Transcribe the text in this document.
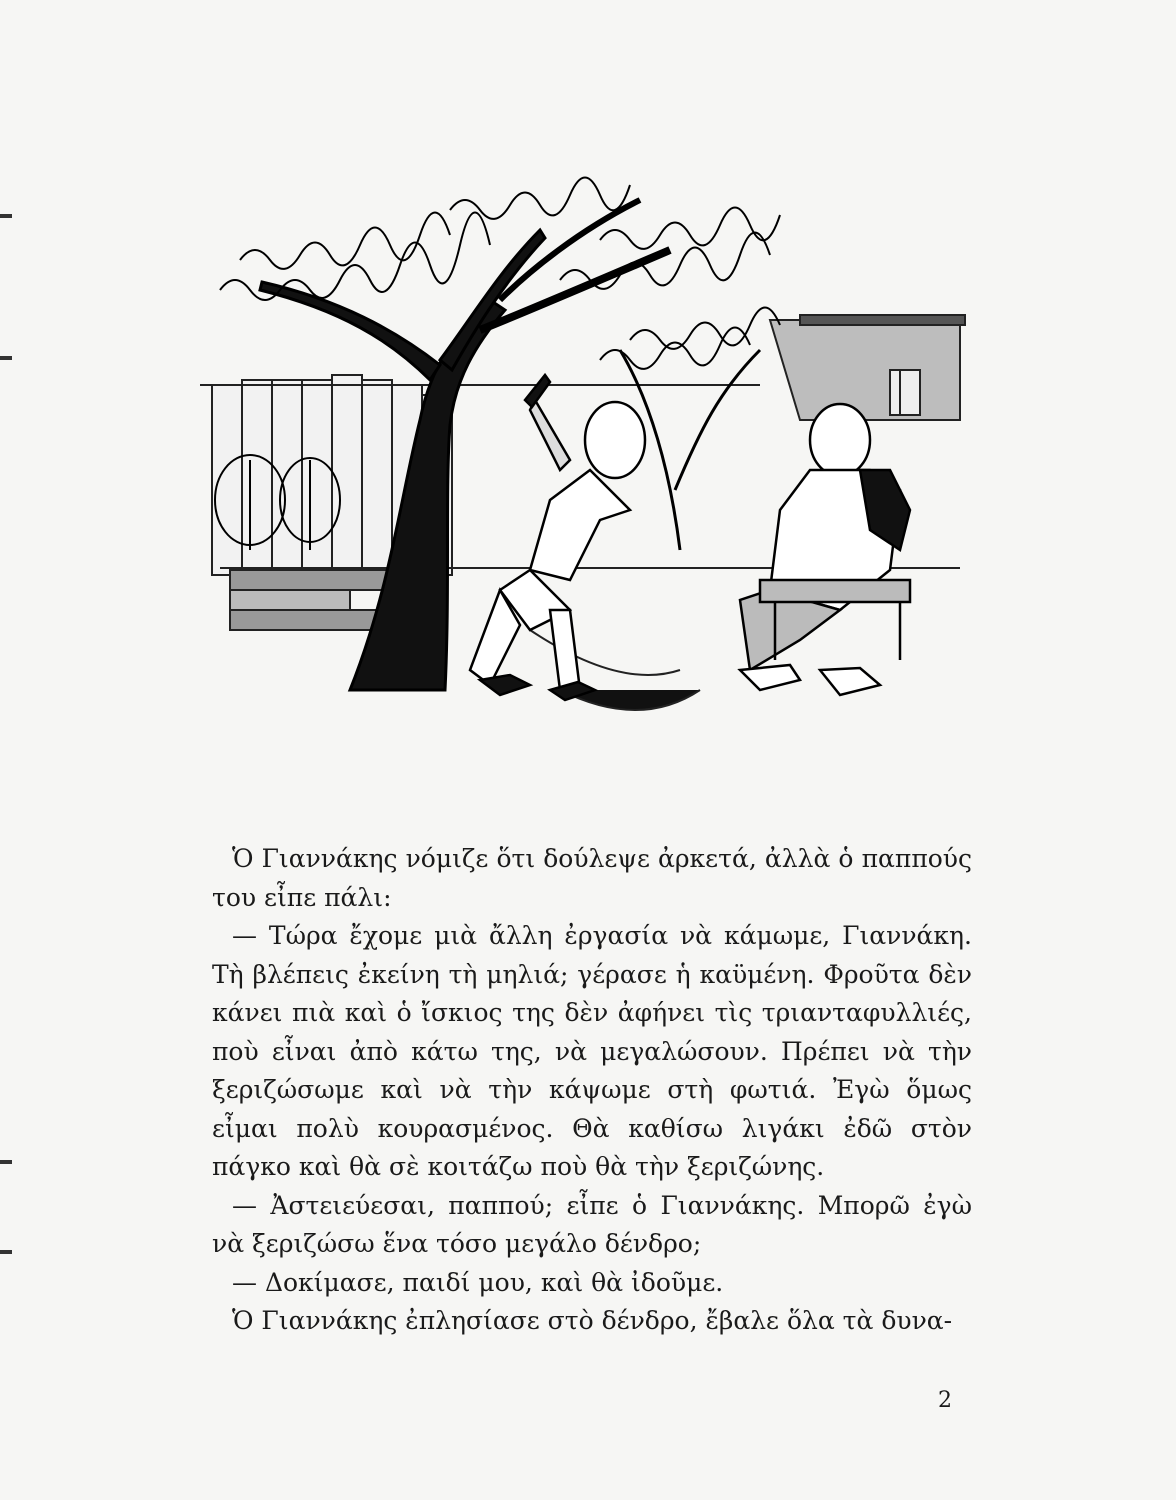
Ὁ Γιαννάκης νόμιζε ὅτι δούλεψε ἀρκετά, ἀλλὰ ὁ παππούς του εἶπε πάλι:

— Τώρα ἔχομε μιὰ ἄλλη ἐργασία νὰ κάμωμε, Γιαννάκη. Τὴ βλέπεις ἐκείνη τὴ μηλιά; γέρασε ἡ καϋμένη. Φροῦτα δὲν κάνει πιὰ καὶ ὁ ἴσκιος της δὲν ἀφήνει τὶς τριανταφυλλιές, ποὺ εἶναι ἀπὸ κάτω της, νὰ μεγαλώσουν. Πρέπει νὰ τὴν ξεριζώσωμε καὶ νὰ τὴν κάψωμε στὴ φωτιά. Ἐγὼ ὅμως εἶμαι πολὺ κουρασμένος. Θὰ καθίσω λιγάκι ἐδῶ στὸν πάγκο καὶ θὰ σὲ κοιτάζω ποὺ θὰ τὴν ξεριζώνης.

— Ἀστειεύεσαι, παππού; εἶπε ὁ Γιαννάκης. Μπορῶ ἐγὼ νὰ ξεριζώσω ἕνα τόσο μεγάλο δένδρο;

— Δοκίμασε, παιδί μου, καὶ θὰ ἰδοῦμε.

Ὁ Γιαννάκης ἐπλησίασε στὸ δένδρο, ἔβαλε ὅλα τὰ δυνα-

2
